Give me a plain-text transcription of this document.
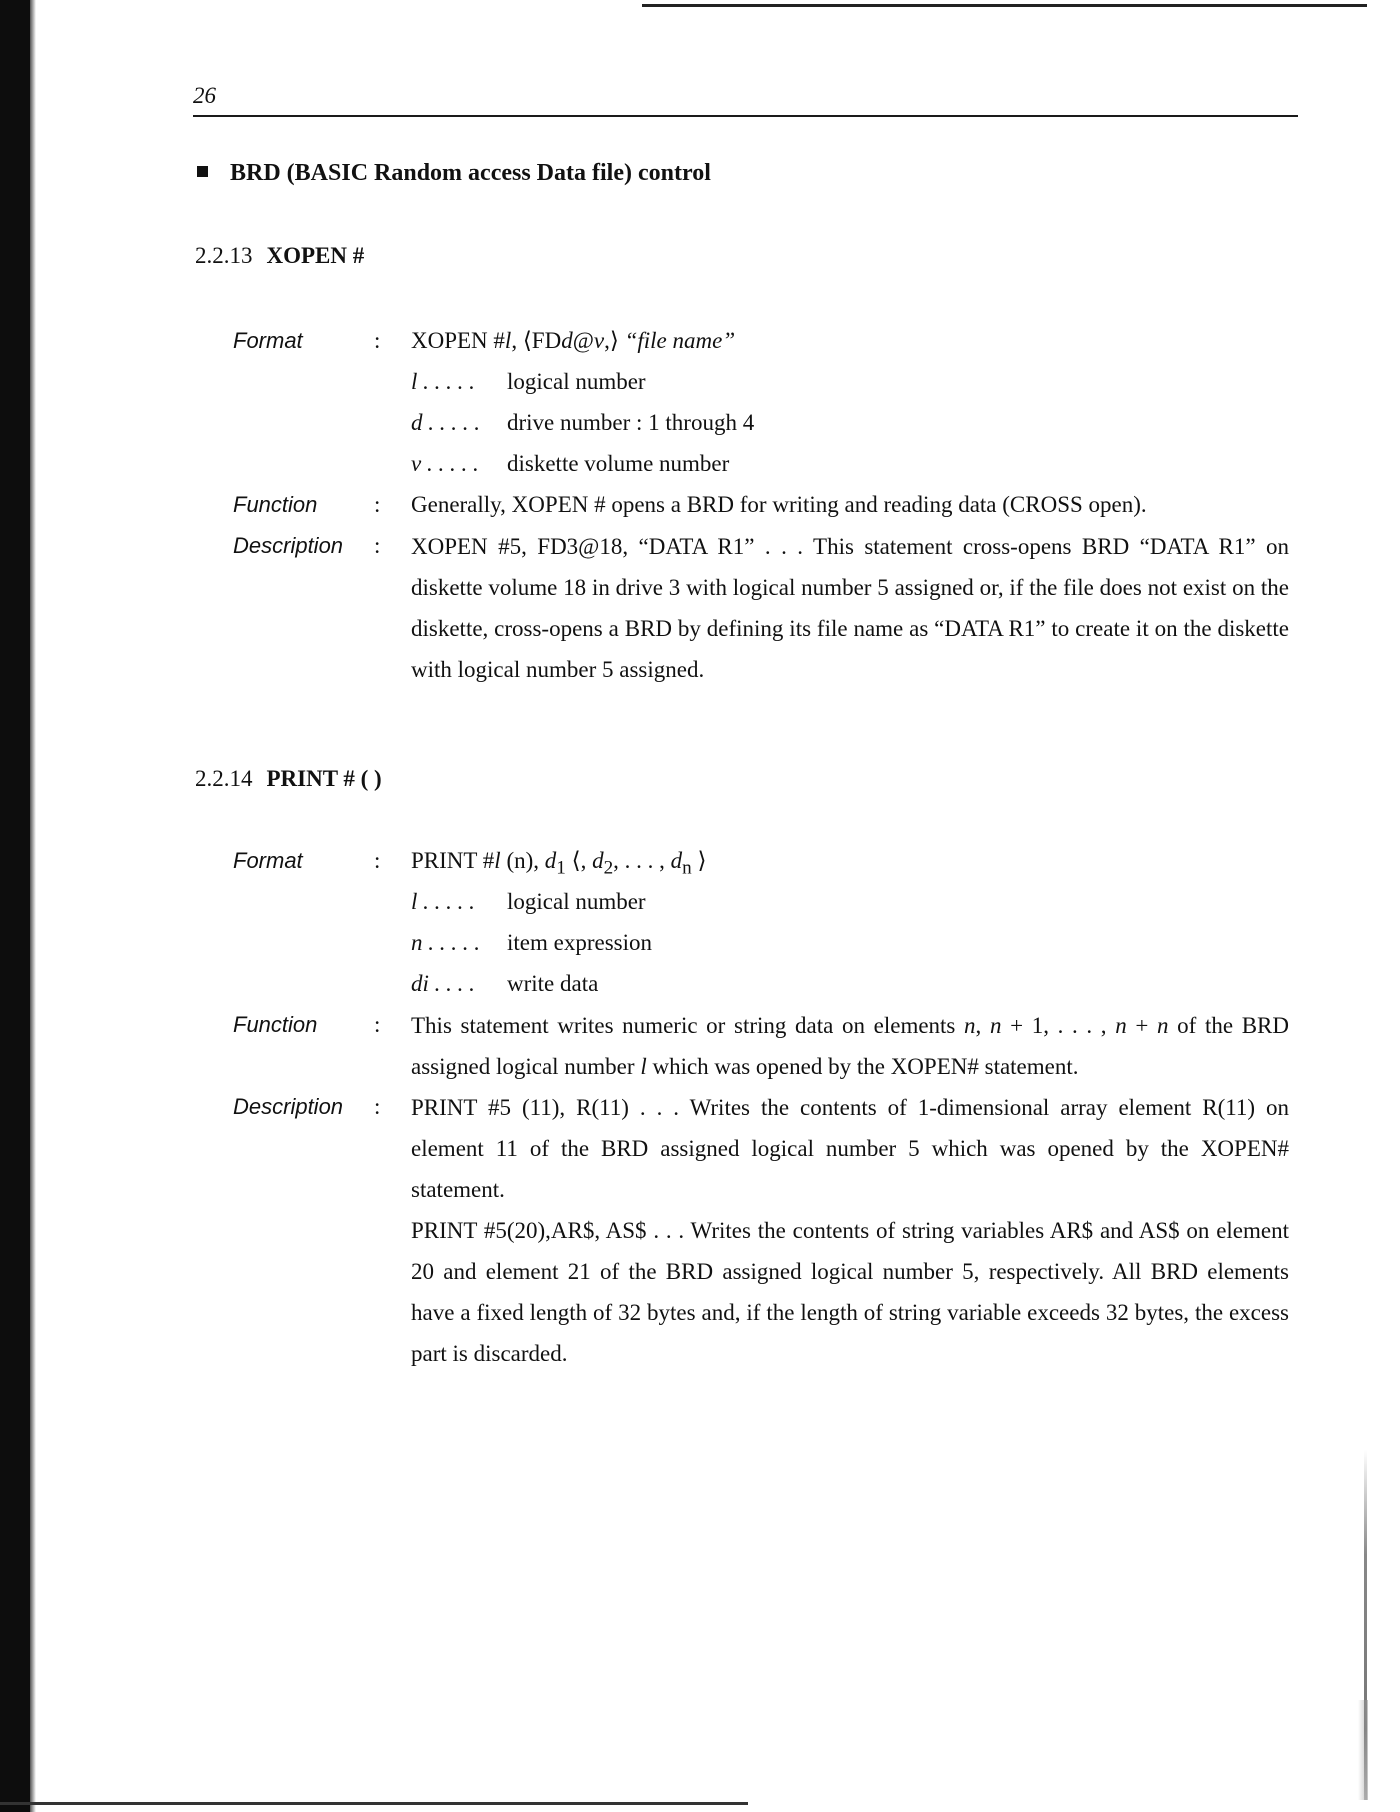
26
BRD (BASIC Random access Data file) control
2.2.13 XOPEN #
Format	: XOPEN #l, ⟨FDd@v,⟩ “file name”
l . . . . . logical number
d . . . . . drive number : 1 through 4
v . . . . . diskette volume number
Function : Generally, XOPEN # opens a BRD for writing and reading data (CROSS open).
Description : XOPEN #5, FD3@18, “DATA R1” . . . This statement cross-opens BRD “DATA R1” on diskette volume 18 in drive 3 with logical number 5 assigned or, if the file does not exist on the diskette, cross-opens a BRD by defining its file name as “DATA R1” to create it on the diskette with logical number 5 assigned.
2.2.14 PRINT # ( )
Format	: PRINT #l (n), $d_1$ ⟨, $d_2$, . . . , $d_n$ ⟩
l . . . . . logical number
n . . . . . item expression
di . . . . write data
Function : This statement writes numeric or string data on elements n, n + 1, . . . , n + n of the BRD assigned logical number l which was opened by the XOPEN# statement.
Description : PRINT #5 (11), R(11) . . . Writes the contents of 1-dimensional array element R(11) on element 11 of the BRD assigned logical number 5 which was opened by the XOPEN# statement.
PRINT #5(20),AR$, AS$ . . . Writes the contents of string variables AR$ and AS$ on element 20 and element 21 of the BRD assigned logical number 5, respectively. All BRD elements have a fixed length of 32 bytes and, if the length of string variable exceeds 32 bytes, the excess part is discarded.
